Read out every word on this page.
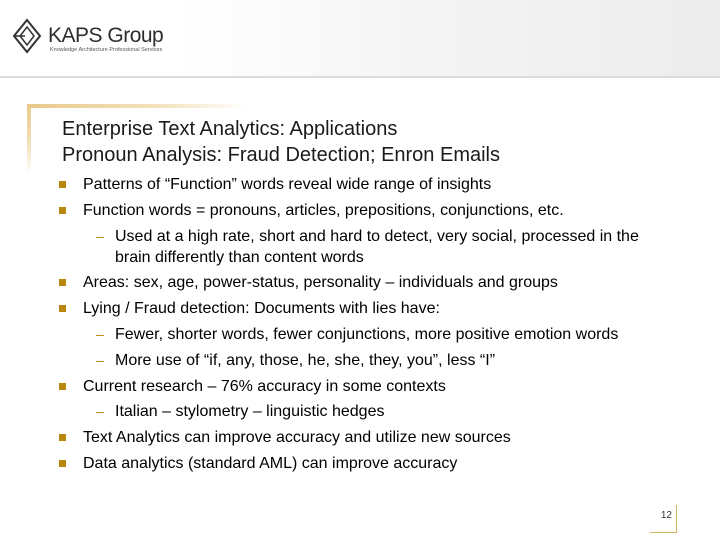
KAPS Group
Knowledge Architecture Professional Services
Enterprise Text Analytics: Applications
Pronoun Analysis: Fraud Detection; Enron Emails
Patterns of “Function” words reveal wide range of insights
Function words = pronouns, articles, prepositions, conjunctions, etc.
– Used at a high rate, short and hard to detect, very social, processed in the brain differently than content words
Areas: sex, age, power-status, personality – individuals and groups
Lying / Fraud detection: Documents with lies have:
– Fewer, shorter words, fewer conjunctions, more positive emotion words
– More use of “if, any, those, he, she, they, you”, less “I”
Current research – 76% accuracy in some contexts
– Italian – stylometry – linguistic hedges
Text Analytics can improve accuracy and utilize new sources
Data analytics (standard AML) can improve accuracy
12
